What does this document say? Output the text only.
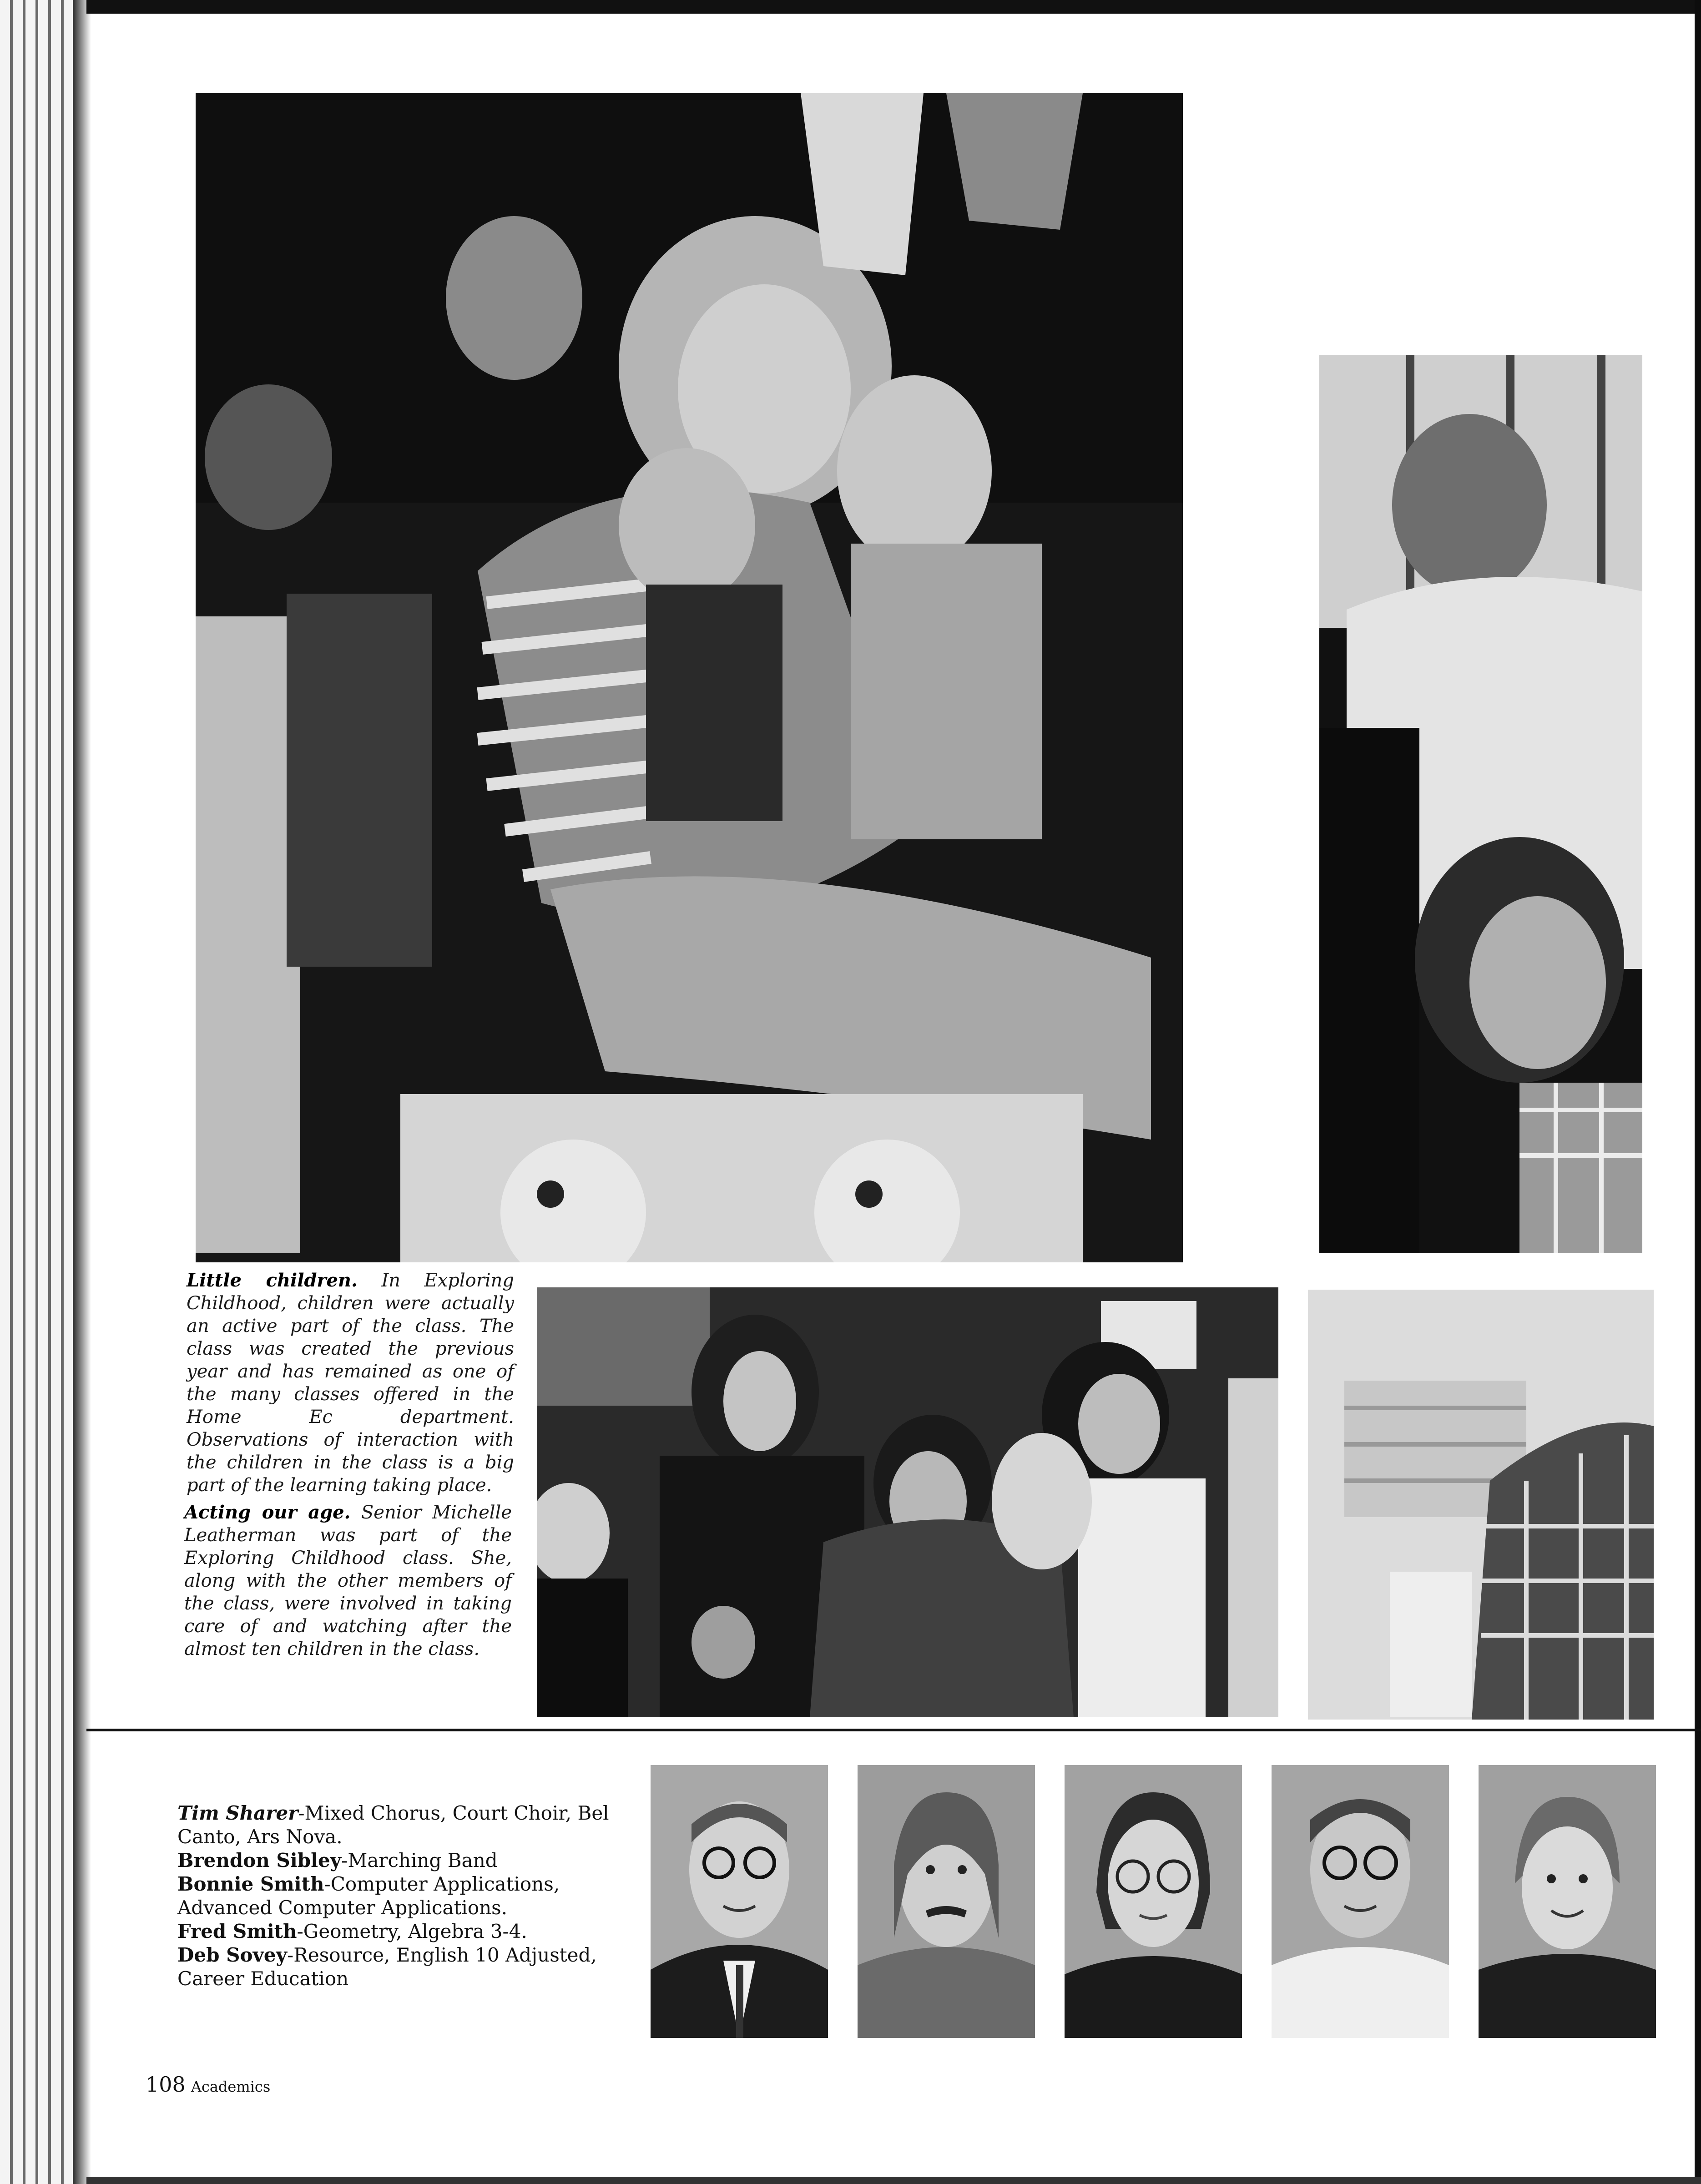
Little children. In Exploring Childhood, children were actually an active part of the class. The class was created the previous year and has remained as one of the many classes offered in the Home Ec department. Observations of interaction with the children in the class is a big part of the learning taking place.
Acting our age. Senior Michelle Leatherman was part of the Exploring Childhood class. She, along with the other members of the class, were involved in taking care of and watching after the almost ten children in the class.
Tim Sharer-Mixed Chorus, Court Choir, Bel Canto, Ars Nova.
Brendon Sibley-Marching Band
Bonnie Smith-Computer Applications, Advanced Computer Applications.
Fred Smith-Geometry, Algebra 3-4.
Deb Sovey-Resource, English 10 Adjusted, Career Education
108 Academics
